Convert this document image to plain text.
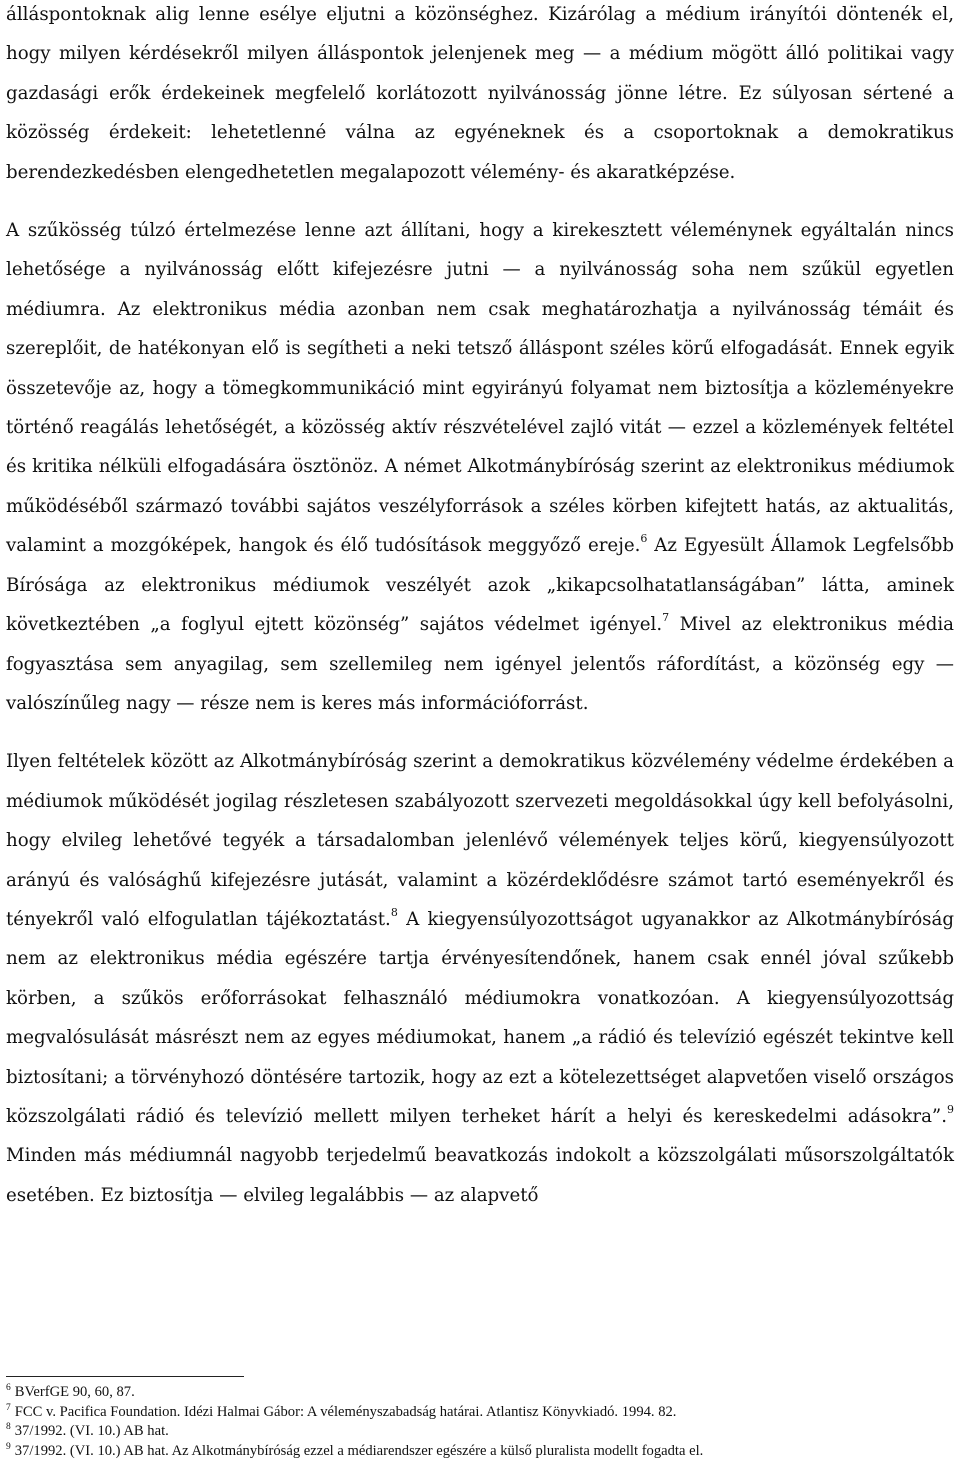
álláspontoknak alig lenne esélye eljutni a közönséghez. Kizárólag a médium irányítói döntenék el, hogy milyen kérdésekről milyen álláspontok jelenjenek meg — a médium mögött álló politikai vagy gazdasági erők érdekeinek megfelelő korlátozott nyilvánosság jönne létre. Ez súlyosan sértené a közösség érdekeit: lehetetlenné válna az egyéneknek és a csoportoknak a demokratikus berendezkedésben elengedhetetlen megalapozott vélemény- és akaratképzése.

A szűkösség túlzó értelmezése lenne azt állítani, hogy a kirekesztett véleménynek egyáltalán nincs lehetősége a nyilvánosság előtt kifejezésre jutni — a nyilvánosság soha nem szűkül egyetlen médiumra. Az elektronikus média azonban nem csak meghatározhatja a nyilvánosság témáit és szereplőit, de hatékonyan elő is segítheti a neki tetsző álláspont széles körű elfogadását. Ennek egyik összetevője az, hogy a tömegkommunikáció mint egyirányú folyamat nem biztosítja a közleményekre történő reagálás lehetőségét, a közösség aktív részvételével zajló vitát — ezzel a közlemények feltétel és kritika nélküli elfogadására ösztönöz. A német Alkotmánybíróság szerint az elektronikus médiumok működéséből származó további sajátos veszélyforrások a széles körben kifejtett hatás, az aktualitás, valamint a mozgóképek, hangok és élő tudósítások meggyőző ereje.$^6$ Az Egyesült Államok Legfelsőbb Bírósága az elektronikus médiumok veszélyét azok „kikapcsolhatatlanságában” látta, aminek következtében „a foglyul ejtett közönség” sajátos védelmet igényel.$^7$ Mivel az elektronikus média fogyasztása sem anyagilag, sem szellemileg nem igényel jelentős ráfordítást, a közönség egy — valószínűleg nagy — része nem is keres más információforrást.

Ilyen feltételek között az Alkotmánybíróság szerint a demokratikus közvélemény védelme érdekében a médiumok működését jogilag részletesen szabályozott szervezeti megoldásokkal úgy kell befolyásolni, hogy elvileg lehetővé tegyék a társadalomban jelenlévő vélemények teljes körű, kiegyensúlyozott arányú és valósághű kifejezésre jutását, valamint a közérdeklődésre számot tartó eseményekről és tényekről való elfogulatlan tájékoztatást.$^8$ A kiegyensúlyozottságot ugyanakkor az Alkotmánybíróság nem az elektronikus média egészére tartja érvényesítendőnek, hanem csak ennél jóval szűkebb körben, a szűkös erőforrásokat felhasználó médiumokra vonatkozóan. A kiegyensúlyozottság megvalósulását másrészt nem az egyes médiumokat, hanem „a rádió és televízió egészét tekintve kell biztosítani; a törvényhozó döntésére tartozik, hogy az ezt a kötelezettséget alapvetően viselő országos közszolgálati rádió és televízió mellett milyen terheket hárít a helyi és kereskedelmi adásokra”.$^9$ Minden más médiumnál nagyobb terjedelmű beavatkozás indokolt a közszolgálati műsorszolgáltatók esetében. Ez biztosítja — elvileg legalábbis — az alapvető

$^6$ BVerfGE 90, 60, 87.

$^7$ FCC v. Pacifica Foundation. Idézi Halmai Gábor: A véleményszabadság határai. Atlantisz Könyvkiadó. 1994. 82.

$^8$ 37/1992. (VI. 10.) AB hat.

$^9$ 37/1992. (VI. 10.) AB hat. Az Alkotmánybíróság ezzel a médiarendszer egészére a külső pluralista modellt fogadta el.
